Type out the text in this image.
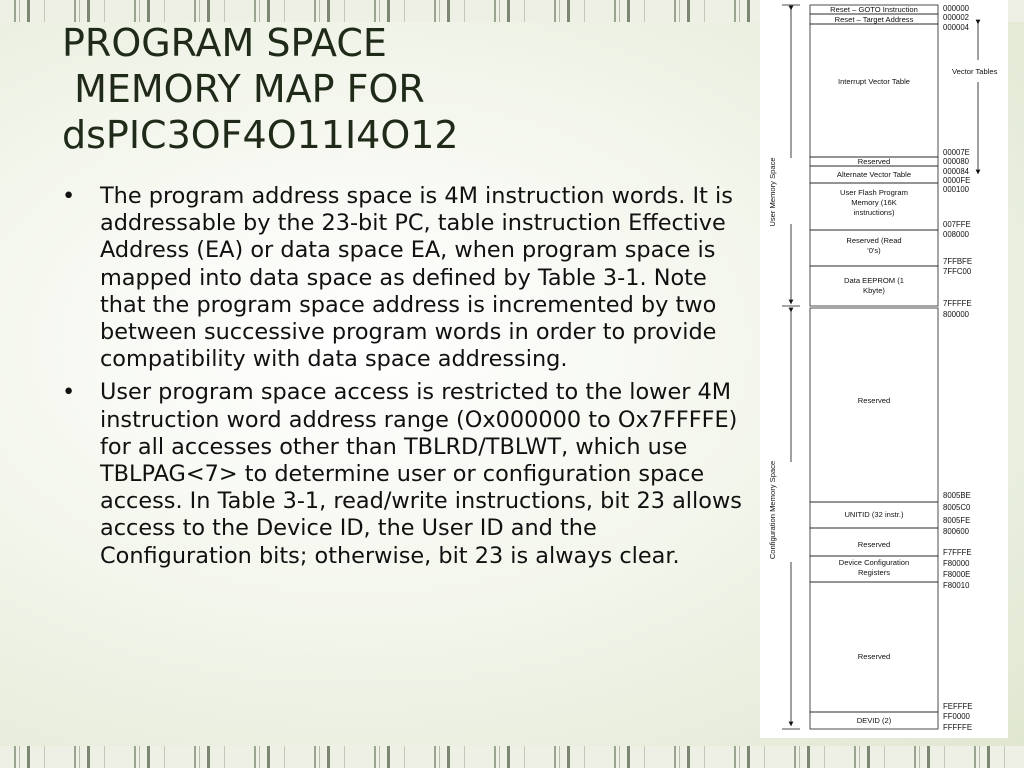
PROGRAM SPACE
MEMORY MAP FOR
dsPIC3OF4O11I4O12
• The program address space is 4M instruction words. It is addressable by the 23-bit PC, table instruction Effective Address (EA) or data space EA, when program space is mapped into data space as defined by Table 3-1. Note that the program space address is incremented by two between successive program words in order to provide compatibility with data space addressing.
• User program space access is restricted to the lower 4M instruction word address range (Ox000000 to Ox7FFFFE) for all accesses other than TBLRD/TBLWT, which use TBLPAG<7> to determine user or configuration space access. In Table 3-1, read/write instructions, bit 23 allows access to the Device ID, the User ID and the Configuration bits; otherwise, bit 23 is always clear.
Reset – GOTO Instruction
Reset – Target Address
Interrupt Vector Table
Reserved
Alternate Vector Table
User Flash Program Memory (16K instructions)
Reserved (Read '0's)
Data EEPROM (1 Kbyte)
Reserved
UNITID (32 instr.)
Reserved
Device Configuration Registers
Reserved
DEVID (2)
000000
000002
000004
00007E
000080
000084
0000FE
000100
007FFE
008000
7FFBFE
7FFC00
7FFFFE
800000
8005BE
8005C0
8005FE
800600
F7FFFE
F80000
F8000E
F80010
FEFFFE
FF0000
FFFFFE
Vector Tables
User Memory Space
Configuration Memory Space
